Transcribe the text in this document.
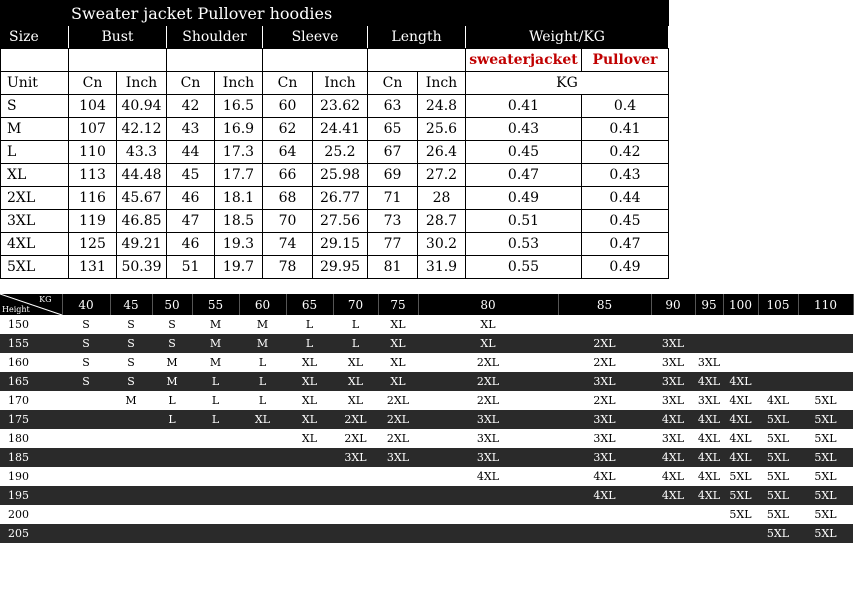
Sweater jacket Pullover hoodies										
Size	Bust		Shoulder		Sleeve		Length		Weight/KG	
									sweaterjacket	Pullover
Unit	Cn	Inch	Cn	Inch	Cn	Inch	Cn	Inch	KG	
S	104	40.94	42	16.5	60	23.62	63	24.8	0.41	0.4
M	107	42.12	43	16.9	62	24.41	65	25.6	0.43	0.41
L	110	43.3	44	17.3	64	25.2	67	26.4	0.45	0.42
XL	113	44.48	45	17.7	66	25.98	69	27.2	0.47	0.43
2XL	116	45.67	46	18.1	68	26.77	71	28	0.49	0.44
3XL	119	46.85	47	18.5	70	27.56	73	28.7	0.51	0.45
4XL	125	49.21	46	19.3	74	29.15	77	30.2	0.53	0.47
5XL	131	50.39	51	19.7	78	29.95	81	31.9	0.55	0.49
KG
Height	40	45	50	55	60	65	70	75	80	85	90	95	100	105	110
150	S	S	S	M	M	L	L	XL	XL						
155	S	S	S	M	M	L	L	XL	XL	2XL	3XL				
160	S	S	M	M	L	XL	XL	XL	2XL	2XL	3XL	3XL			
165	S	S	M	L	L	XL	XL	XL	2XL	3XL	3XL	4XL	4XL		
170		M	L	L	L	XL	XL	2XL	2XL	2XL	3XL	3XL	4XL	4XL	5XL
175			L	L	XL	XL	2XL	2XL	3XL	3XL	4XL	4XL	4XL	5XL	5XL
180						XL	2XL	2XL	3XL	3XL	3XL	4XL	4XL	5XL	5XL
185							3XL	3XL	3XL	3XL	4XL	4XL	4XL	5XL	5XL
190									4XL	4XL	4XL	4XL	5XL	5XL	5XL
195										4XL	4XL	4XL	5XL	5XL	5XL
200													5XL	5XL	5XL
205														5XL	5XL
